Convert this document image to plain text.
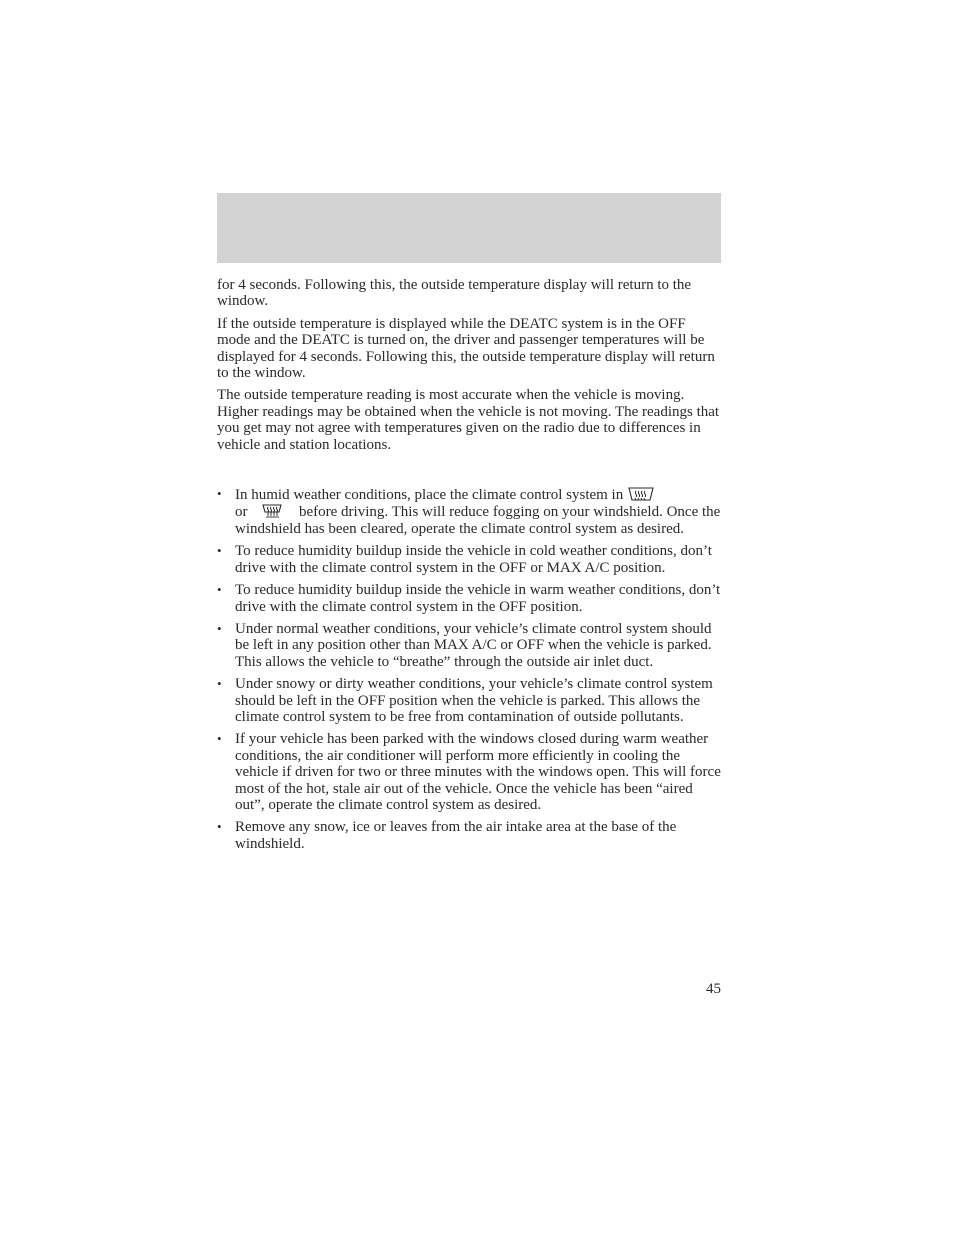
for 4 seconds. Following this, the outside temperature display will return to the window.

If the outside temperature is displayed while the DEATC system is in the OFF mode and the DEATC is turned on, the driver and passenger temperatures will be displayed for 4 seconds. Following this, the outside temperature display will return to the window.

The outside temperature reading is most accurate when the vehicle is moving. Higher readings may be obtained when the vehicle is not moving. The readings that you get may not agree with temperatures given on the radio due to differences in vehicle and station locations.

• In humid weather conditions, place the climate control system in

or	before driving. This will reduce fogging on your windshield. Once the windshield has been cleared, operate the climate control system as desired.
• To reduce humidity buildup inside the vehicle in cold weather conditions, don’t drive with the climate control system in the OFF or MAX A/C position.
• To reduce humidity buildup inside the vehicle in warm weather conditions, don’t drive with the climate control system in the OFF position.
• Under normal weather conditions, your vehicle’s climate control system should be left in any position other than MAX A/C or OFF when the vehicle is parked. This allows the vehicle to “breathe” through the outside air inlet duct.
• Under snowy or dirty weather conditions, your vehicle’s climate control system should be left in the OFF position when the vehicle is parked. This allows the climate control system to be free from contamination of outside pollutants.
• If your vehicle has been parked with the windows closed during warm weather conditions, the air conditioner will perform more efficiently in cooling the vehicle if driven for two or three minutes with the windows open. This will force most of the hot, stale air out of the vehicle. Once the vehicle has been “aired out”, operate the climate control system as desired.
• Remove any snow, ice or leaves from the air intake area at the base of the windshield.
45
